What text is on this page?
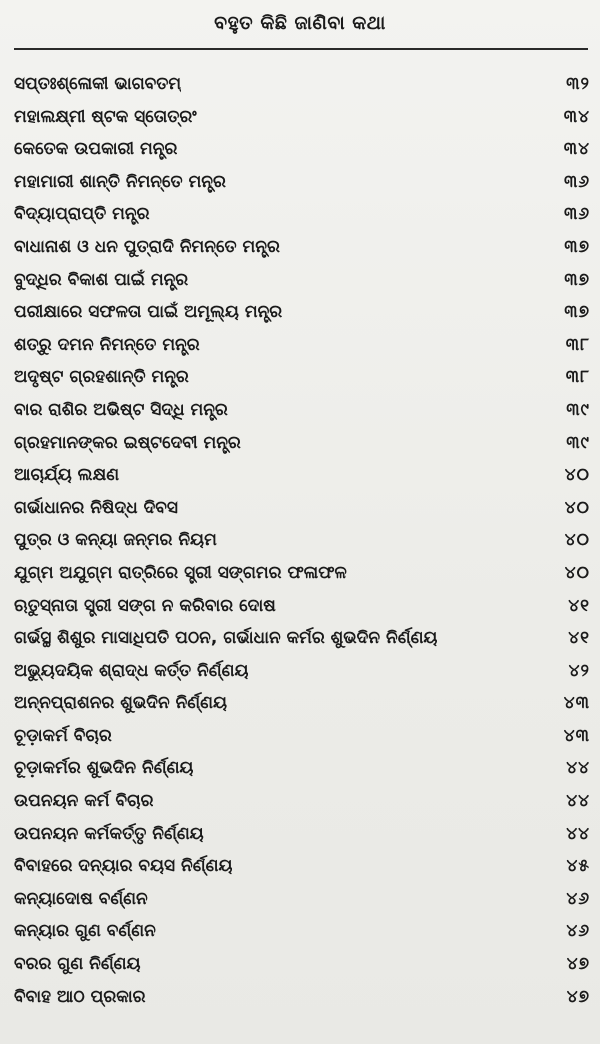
ବହୁତ କିଛି ଜାଣିବା କଥା
ସପ୍ତଃଶ୍ଳୋକୀ ଭାଗବତମ୍	୩୨
ମହାଲକ୍ଷ୍ମୀ ଷ୍ଟକ ସ୍ତୋତ୍ରଂ	୩୪
କେତେକ ଉପକାରୀ ମନ୍ତ୍ର	୩୪
ମହାମାରୀ ଶାନ୍ତି ନିମନ୍ତେ ମନ୍ତ୍ର	୩୬
ବିଦ୍ୟାପ୍ରାପ୍ତି ମନ୍ତ୍ର	୩୬
ବାଧାନାଶ ଓ ଧନ ପୁତ୍ରାଦି ନିମନ୍ତେ ମନ୍ତ୍ର	୩୭
ବୁଦ୍ଧିର ବିକାଶ ପାଇଁ ମନ୍ତ୍ର	୩୭
ପରୀକ୍ଷାରେ ସଫଳତା ପାଇଁ ଅମୂଲ୍ୟ ମନ୍ତ୍ର	୩୭
ଶତ୍ରୁ ଦମନ ନିମନ୍ତେ ମନ୍ତ୍ର	୩୮
ଅଦୃଷ୍ଟ ଗ୍ରହଶାନ୍ତି ମନ୍ତ୍ର	୩୮
ବାର ରାଶିର ଅଭିଷ୍ଟ ସିଦ୍ଧି ମନ୍ତ୍ର	୩୯
ଗ୍ରହମାନଙ୍କର ଇଷ୍ଟଦେବୀ ମନ୍ତ୍ର	୩୯
ଆଚାର୍ଯ୍ୟ ଲକ୍ଷଣ	୪୦
ଗର୍ଭାଧାନର ନିଷିଦ୍ଧ ଦିବସ	୪୦
ପୁତ୍ର ଓ କନ୍ୟା ଜନ୍ମର ନିୟମ	୪୦
ଯୁଗ୍ମ ଅଯୁଗ୍ମ ରାତ୍ରିରେ ସ୍ତ୍ରୀ ସଙ୍ଗମର ଫଳାଫଳ	୪୦
ଋତୁସ୍ନାତା ସ୍ତ୍ରୀ ସଙ୍ଗ ନ କରିବାର ଦୋଷ	୪୧
ଗର୍ଭସ୍ଥ ଶିଶୁର ମାସାଧିପତି ପଠନ, ଗର୍ଭାଧାନ କର୍ମର ଶୁଭଦିନ ନିର୍ଣ୍ଣୟ	୪୧
ଅଭ୍ୟୁଦୟିକ ଶ୍ରାଦ୍ଧ କର୍ତ୍ତ ନିର୍ଣ୍ଣୟ	୪୨
ଅନ୍ନପ୍ରାଶନର ଶୁଭଦିନ ନିର୍ଣ୍ଣୟ	୪୩
ଚୂଡ଼ାକର୍ମ ବିଚାର	୪୩
ଚୂଡ଼ାକର୍ମର ଶୁଭଦିନ ନିର୍ଣ୍ଣୟ	୪୪
ଉପନୟନ କର୍ମ ବିଚାର	୪୪
ଉପନୟନ କର୍ମକର୍ତ୍ତୃ ନିର୍ଣ୍ଣୟ	୪୪
ବିବାହରେ ଦନ୍ୟାର ବୟସ ନିର୍ଣ୍ଣୟ	୪୫
କନ୍ୟାଦୋଷ ବର୍ଣ୍ଣନ	୪୬
କନ୍ୟାର ଗୁଣ ବର୍ଣ୍ଣନ	୪୬
ବରର ଗୁଣ ନିର୍ଣ୍ଣୟ	୪୭
ବିବାହ ଆଠ ପ୍ରକାର	୪୭
